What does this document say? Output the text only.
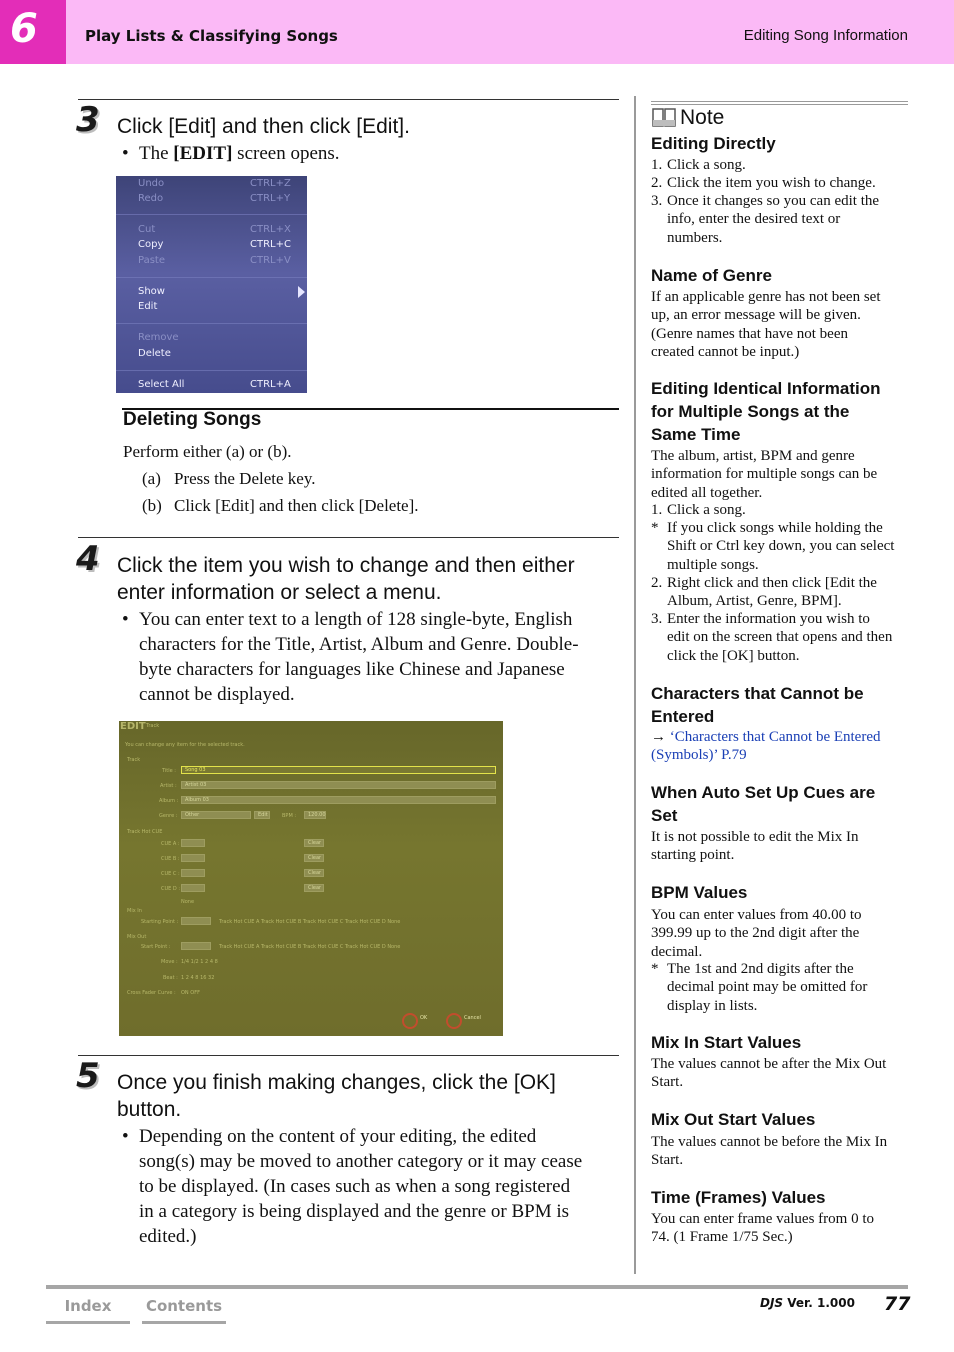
6	Play Lists & Classifying Songs	Editing Song Information
3 Click [Edit] and then click [Edit].
• The [EDIT] screen opens.
Undo	CTRL+Z
Redo	CTRL+Y
Cut	CTRL+X
Copy	CTRL+C
Paste	CTRL+V
Show
Edit
Remove
Delete
Select All	CTRL+A
Deleting Songs
Perform either (a) or (b).
(a) Press the Delete key.
(b) Click [Edit] and then click [Delete].
4 Click the item you wish to change and then either
enter information or select a menu.
• You can enter text to a length of 128 single-byte, English
characters for the Title, Artist, Album and Genre. Double-
byte characters for languages like Chinese and Japanese
cannot be displayed.
EDIT Track
You can change any item for the selected track.
Track
Title : Song 03
Artist : Artist 03
Album : Album 03
Genre : Other	Edit	BPM : 120.00
Track Hot CUE
CUE A :	Clear
CUE B :	Clear
CUE C :	Clear
CUE D :	Clear
None
Mix In
Starting Point :	Track Hot CUE A Track Hot CUE B Track Hot CUE C Track Hot CUE D None
Mix Out
Start Point :	Track Hot CUE A Track Hot CUE B Track Hot CUE C Track Hot CUE D None
Move : 1/4 1/2 1 2 4 8
Beat : 1 2 4 8 16 32
Cross Fader Curve : ON OFF
OK	Cancel
5 Once you finish making changes, click the [OK]
button.
• Depending on the content of your editing, the edited
song(s) may be moved to another category or it may cease
to be displayed. (In cases such as when a song registered
in a category is being displayed and the genre or BPM is
edited.)
Note
Editing Directly
1. Click a song.
2. Click the item you wish to change.
3. Once it changes so you can edit the
info, enter the desired text or
numbers.
Name of Genre
If an applicable genre has not been set
up, an error message will be given.
(Genre names that have not been
created cannot be input.)
Editing Identical Information
for Multiple Songs at the
Same Time
The album, artist, BPM and genre
information for multiple songs can be
edited all together.
1. Click a song.
* If you click songs while holding the
Shift or Ctrl key down, you can select
multiple songs.
2. Right click and then click [Edit the
Album, Artist, Genre, BPM].
3. Enter the information you wish to
edit on the screen that opens and then
click the [OK] button.
Characters that Cannot be
Entered
→ ‘Characters that Cannot be Entered
(Symbols)’ P.79
When Auto Set Up Cues are
Set
It is not possible to edit the Mix In
starting point.
BPM Values
You can enter values from 40.00 to
399.99 up to the 2nd digit after the
decimal.
* The 1st and 2nd digits after the
decimal point may be omitted for
display in lists.
Mix In Start Values
The values cannot be after the Mix Out
Start.
Mix Out Start Values
The values cannot be before the Mix In
Start.
Time (Frames) Values
You can enter frame values from 0 to
74. (1 Frame 1/75 Sec.)
Index	Contents	DJS Ver. 1.000 77
